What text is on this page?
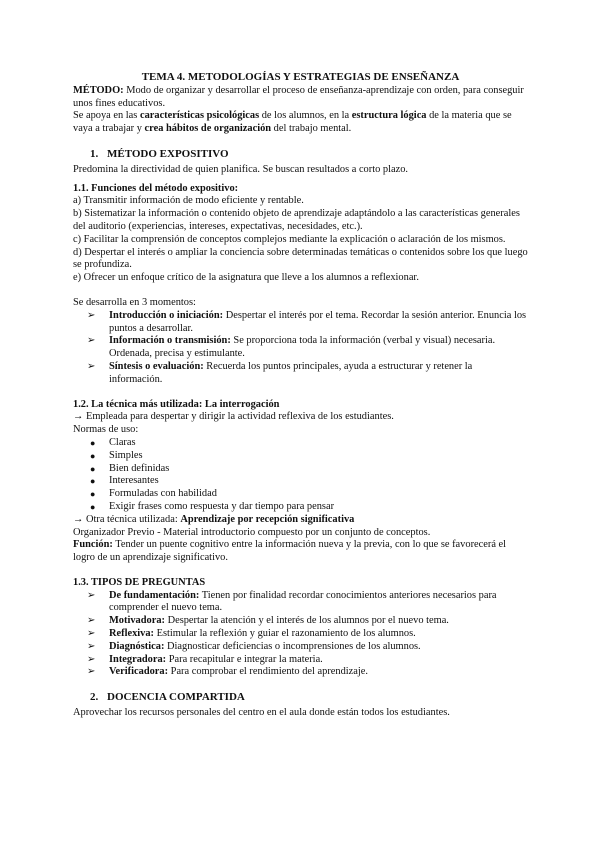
TEMA 4. METODOLOGÍAS Y ESTRATEGIAS DE ENSEÑANZA

MÉTODO: Modo de organizar y desarrollar el proceso de enseñanza-aprendizaje con orden, para conseguir unos fines educativos.

Se apoya en las características psicológicas de los alumnos, en la estructura lógica de la materia que se vaya a trabajar y crea hábitos de organización del trabajo mental.

1. MÉTODO EXPOSITIVO

Predomina la directividad de quien planifica. Se buscan resultados a corto plazo.

1.1. Funciones del método expositivo:

a) Transmitir información de modo eficiente y rentable.

b) Sistematizar la información o contenido objeto de aprendizaje adaptándolo a las características generales del auditorio (experiencias, intereses, expectativas, necesidades, etc.).

c) Facilitar la comprensión de conceptos complejos mediante la explicación o aclaración de los mismos.

d) Despertar el interés o ampliar la conciencia sobre determinadas temáticas o contenidos sobre los que luego se profundiza.

e) Ofrecer un enfoque crítico de la asignatura que lleve a los alumnos a reflexionar.

Se desarrolla en 3 momentos:

➢ Introducción o iniciación: Despertar el interés por el tema. Recordar la sesión anterior. Enuncia los puntos a desarrollar.
➢ Información o transmisión: Se proporciona toda la información (verbal y visual) necesaria. Ordenada, precisa y estimulante.
➢ Síntesis o evaluación: Recuerda los puntos principales, ayuda a estructurar y retener la información.

1.2. La técnica más utilizada: La interrogación

→ Empleada para despertar y dirigir la actividad reflexiva de los estudiantes.

Normas de uso:

● Claras
● Simples
● Bien definidas
● Interesantes
● Formuladas con habilidad
● Exigir frases como respuesta y dar tiempo para pensar

→ Otra técnica utilizada: Aprendizaje por recepción significativa

Organizador Previo - Material introductorio compuesto por un conjunto de conceptos.

Función: Tender un puente cognitivo entre la información nueva y la previa, con lo que se favorecerá el logro de un aprendizaje significativo.

1.3. TIPOS DE PREGUNTAS

➢ De fundamentación: Tienen por finalidad recordar conocimientos anteriores necesarios para comprender el nuevo tema.
➢ Motivadora: Despertar la atención y el interés de los alumnos por el nuevo tema.
➢ Reflexiva: Estimular la reflexión y guiar el razonamiento de los alumnos.
➢ Diagnóstica: Diagnosticar deficiencias o incomprensiones de los alumnos.
➢ Integradora: Para recapitular e integrar la materia.
➢ Verificadora: Para comprobar el rendimiento del aprendizaje.

2. DOCENCIA COMPARTIDA

Aprovechar los recursos personales del centro en el aula donde están todos los estudiantes.
